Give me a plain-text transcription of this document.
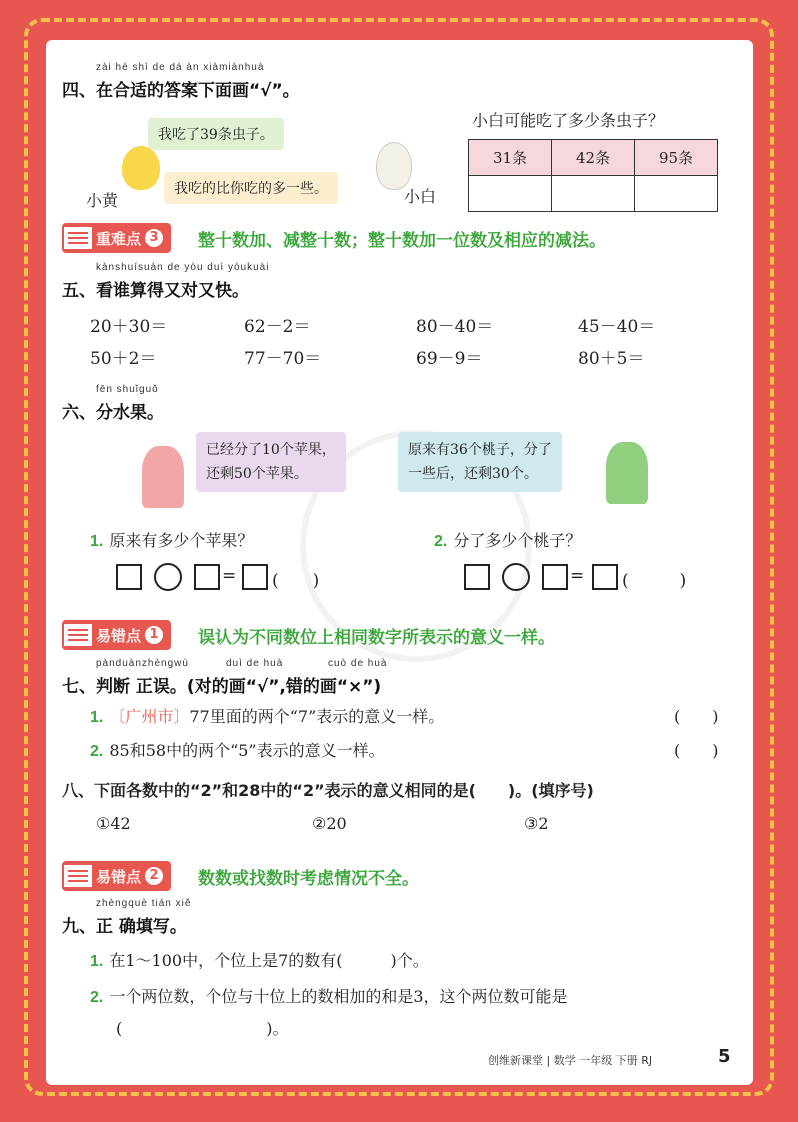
zài hé shì de dá àn xiàmiànhuà
四、在合适的答案下面画“√”。
我吃了39条虫子。
我吃的比你吃的多一些。
小黄	小白
小白可能吃了多少条虫子？
31条	42条	95条

重难点 3 整十数加、减整十数；整十数加一位数及相应的减法。
kànshuísuàn de yòu duì yòukuài
五、看谁算得又对又快。
20＋30＝	62－2＝	80－40＝	45－40＝
50＋2＝	77－70＝	69－9＝	80＋5＝
fēn shuǐguǒ
六、分水果。
已经分了10个苹果，
还剩50个苹果。
原来有36个桃子，分了
一些后，还剩30个。
1. 原来有多少个苹果？	2. 分了多少个桃子？
= (　　)	= (　　　)
易错点 1 误认为不同数位上相同数字所表示的意义一样。
pànduànzhèngwù	duì de huà	cuò de huà
七、判断 正误。(对的画“√”,错的画“×”)
1. 〔广州市〕77里面的两个“7”表示的意义一样。	(　　)
2. 85和58中的两个“5”表示的意义一样。	(　　)
八、下面各数中的“2”和28中的“2”表示的意义相同的是(　　)。(填序号)
①42	②20	③2
易错点 2 数数或找数时考虑情况不全。
zhèngquè tián xiě
九、正 确填写。
1. 在1～100中，个位上是7的数有(　　　)个。
2. 一个两位数，个位与十位上的数相加的和是3，这个两位数可能是
(　　　　　　　　　)。
创维新课堂 | 数学 一年级 下册 RJ	5
